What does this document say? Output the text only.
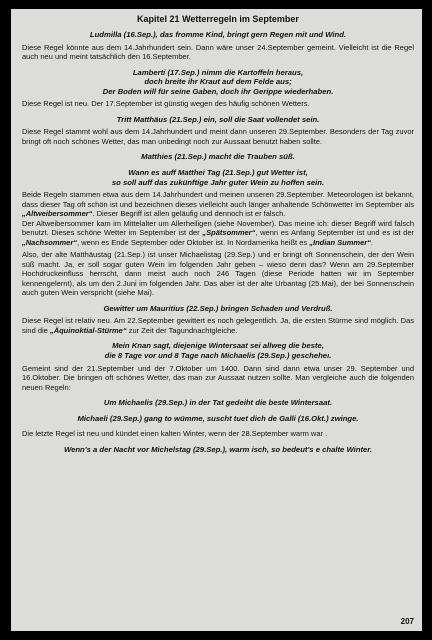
Kapitel 21 Wetterregeln im September
Ludmilla (16.Sep.), das fromme Kind, bringt gern Regen mit und Wind.

Diese Regel könnte aus dem 14.Jahrhundert sein. Dann wäre unser 24.September gemeint. Vielleicht ist die Regel auch neu und meint tatsächlich den 16.September.

Lamberti (17.Sep.) nimm die Kartoffeln heraus,
doch breite ihr Kraut auf dem Felde aus;
Der Boden will für seine Gaben, doch ihr Gerippe wiederhaben.

Diese Regel ist neu. Der 17.September ist günstig wegen des häufig schönen Wetters.

Tritt Matthäus (21.Sep.) ein, soll die Saat vollendet sein.

Diese Regel stammt wohl aus dem 14.Jahrhundert und meint dann unseren 29.September. Besonders der Tag zuvor bringt oft noch schönes Wetter, das man unbedingt noch zur Aussaat benutzt haben sollte.

Matthies (21.Sep.) macht die Trauben süß.
Wann es auff Matthei Tag (21.Sep.) gut Wetter ist,
so soll auff das zukünftige Jahr guter Wein zu hoffen sein.

Beide Regeln stammen etwa aus dem 14.Jahrhundert und meinen unseren 29.September. Meteorologen ist bekannt, dass dieser Tag oft schön ist und bezeichnen dieses vielleicht auch länger anhaltende Schönwetter im September als „Altweibersommer“. Dieser Begriff ist allen geläufig und dennoch ist er falsch.
Der Altweibersommer kam im Mittelalter um Allerheiligen (siehe November). Das meine ich: dieser Begriff wird falsch benutzt. Dieses schöne Wetter im September ist der „Spätsommer“, wenn es Anfang September ist und es ist der „Nachsommer“, wenn es Ende September oder Oktober ist. In Nordamerika heißt es „Indian Summer“.

Also, der alte Matthäustag (21.Sep.) ist unser Michaelistag (29.Sep.) und er bringt oft Sonnenschein, der den Wein süß macht. Ja, er soll sogar guten Wein im folgenden Jahr geben – wieso denn das? Wenn am 29.September Hochdruckeinfluss herrscht, dann meist auch noch 246 Tagen (diese Periode hatten wir im September kennengelernt), als um den 2.Juni im folgenden Jahr. Das aber ist der alte Urbantag (25.Mai), der bei Sonnenschein auch guten Wein verspricht (siehe Mai).

Gewitter um Mauritius (22.Sep.) bringen Schaden und Verdruß.

Diese Regel ist relativ neu. Am 22.September gewittert es noch gelegentlich. Ja, die ersten Stürme sind möglich. Das sind die „Äquinoktial-Stürme“ zur Zeit der Tagundnachtgleiche.

Mein Knan sagt, diejenige Wintersaat sei allweg die beste,
die 8 Tage vor und 8 Tage nach Michaelis (29.Sep.) gescheheı.

Gemeint sind der 21.September und der 7.Oktober um 1400. Dann sind dann etwa unser 29. September und 16.Oktober. Die bringen oft schönes Wetter, das man zur Aussaat nutzen sollte. Man vergleiche auch die folgenden neuen Regeln:

Um Michaelis (29.Sep.) in der Tat gedeiht die beste Wintersaat.
Michaeli (29.Sep.) gang to wümme, suscht tuet dich de Galli (16.Okt.) zwinge.

Die letzte Regel ist neu und kündet einen kalten Winter, wenn der 28.September warm war .

Wenn's a der Nacht vor Michelstag (29.Sep.), warm isch, so bedeut's e chalte Winter.
207
